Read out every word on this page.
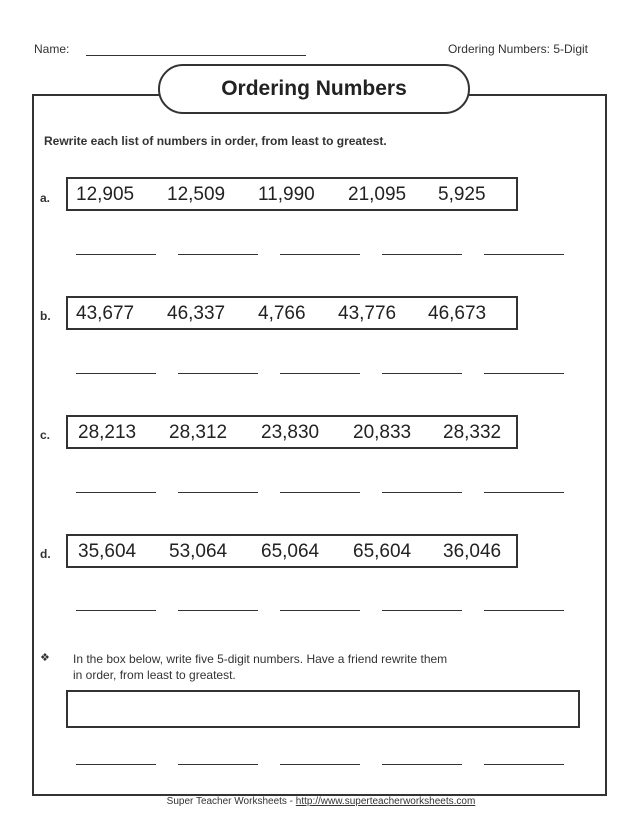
Name:	Ordering Numbers: 5-Digit
Ordering Numbers
Rewrite each list of numbers in order, from least to greatest.
a. 12,905 12,509 11,990 21,095 5,925
b. 43,677 46,337 4,766 43,776 46,673
c. 28,213 28,312 23,830 20,833 28,332
d. 35,604 53,064 65,064 65,604 36,046
❖ In the box below, write five 5-digit numbers. Have a friend rewrite them
in order, from least to greatest.
Super Teacher Worksheets - http://www.superteacherworksheets.com
